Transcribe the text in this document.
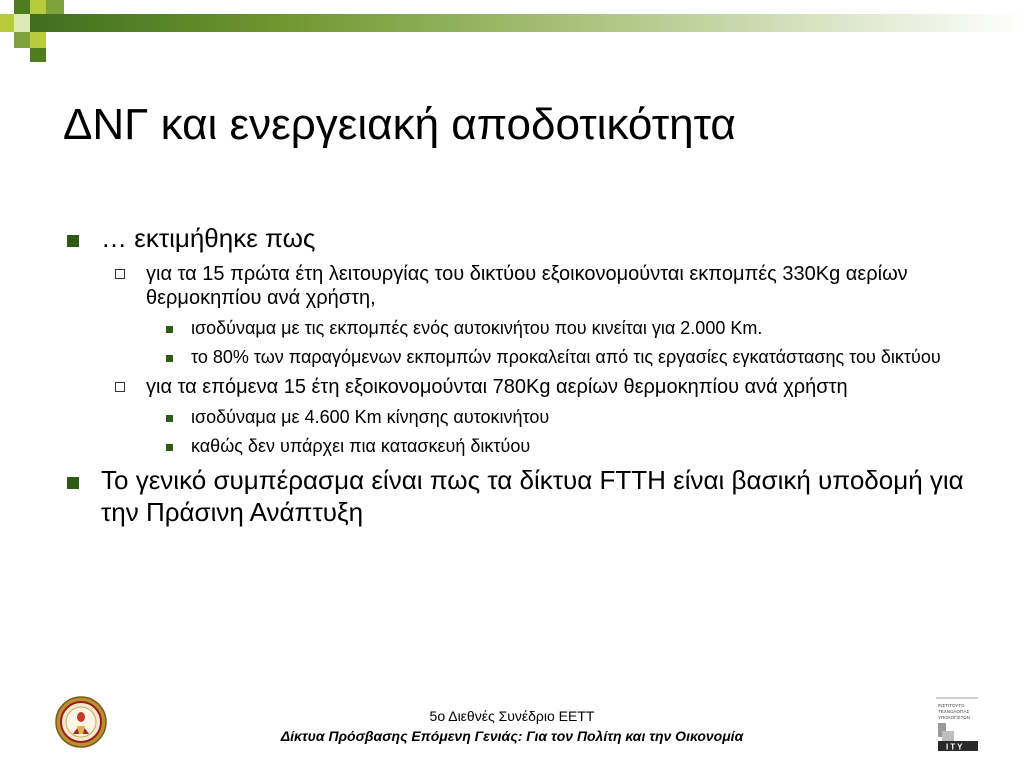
ΔΝΓ και ενεργειακή αποδοτικότητα
… εκτιμήθηκε πως
για τα 15 πρώτα έτη λειτουργίας του δικτύου εξοικονομούνται εκπομπές 330Kg αερίων θερμοκηπίου ανά χρήστη,
ισοδύναμα με τις εκπομπές ενός αυτοκινήτου που κινείται για 2.000 Km.
το 80% των παραγόμενων εκπομπών προκαλείται από τις εργασίες εγκατάστασης του δικτύου
για τα επόμενα 15 έτη εξοικονομούνται 780Kg αερίων θερμοκηπίου ανά χρήστη
ισοδύναμα με 4.600 Km κίνησης αυτοκινήτου
καθώς δεν υπάρχει πια κατασκευή δικτύου
Το γενικό συμπέρασμα είναι πως τα δίκτυα FTTH είναι βασική υποδομή για την Πράσινη Ανάπτυξη
5ο Διεθνές Συνέδριο ΕΕΤΤ
Δίκτυα Πρόσβασης Επόμενη Γενιάς: Για τον Πολίτη και την Οικονομία
ΙΝΣΤΙΤΟΥΤΟ
ΤΕΧΝΟΛΟΓΙΑΣ
ΥΠΟΛΟΓΙΣΤΩΝ
ΙΤΥ
